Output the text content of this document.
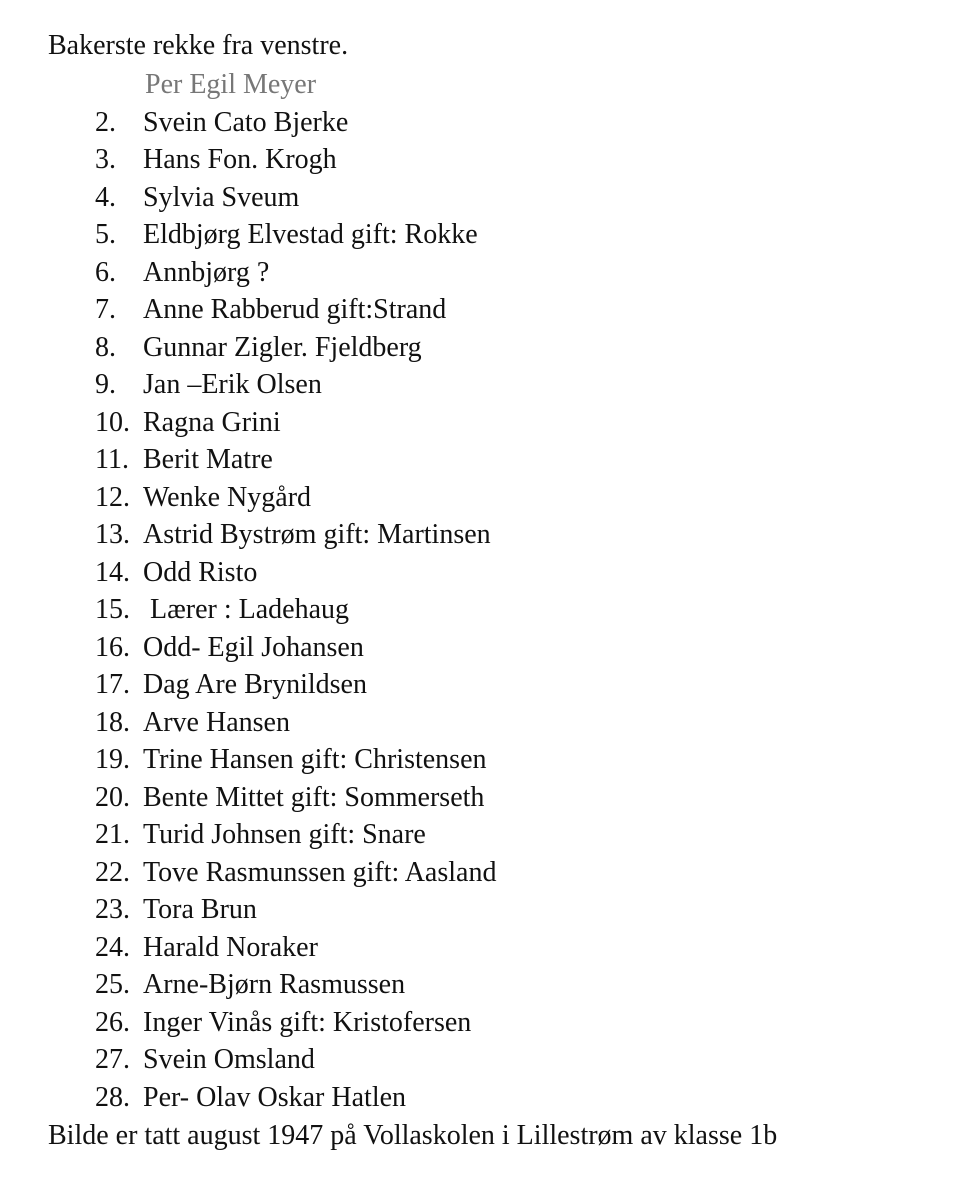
Bakerste rekke fra venstre.
Per Egil Meyer
2. Svein Cato Bjerke
3. Hans Fon. Krogh
4. Sylvia Sveum
5. Eldbjørg Elvestad gift: Rokke
6. Annbjørg ?
7. Anne Rabberud gift:Strand
8. Gunnar Zigler. Fjeldberg
9. Jan –Erik Olsen
10. Ragna Grini
11. Berit Matre
12. Wenke Nygård
13. Astrid Bystrøm gift: Martinsen
14. Odd Risto
15. Lærer : Ladehaug
16. Odd- Egil Johansen
17. Dag Are Brynildsen
18. Arve Hansen
19. Trine Hansen gift: Christensen
20. Bente Mittet gift: Sommerseth
21. Turid Johnsen gift: Snare
22. Tove Rasmunssen gift: Aasland
23. Tora Brun
24. Harald Noraker
25. Arne-Bjørn Rasmussen
26. Inger Vinås gift: Kristofersen
27. Svein Omsland
28. Per- Olav Oskar Hatlen
Bilde er tatt august 1947 på Vollaskolen i Lillestrøm av klasse 1b
